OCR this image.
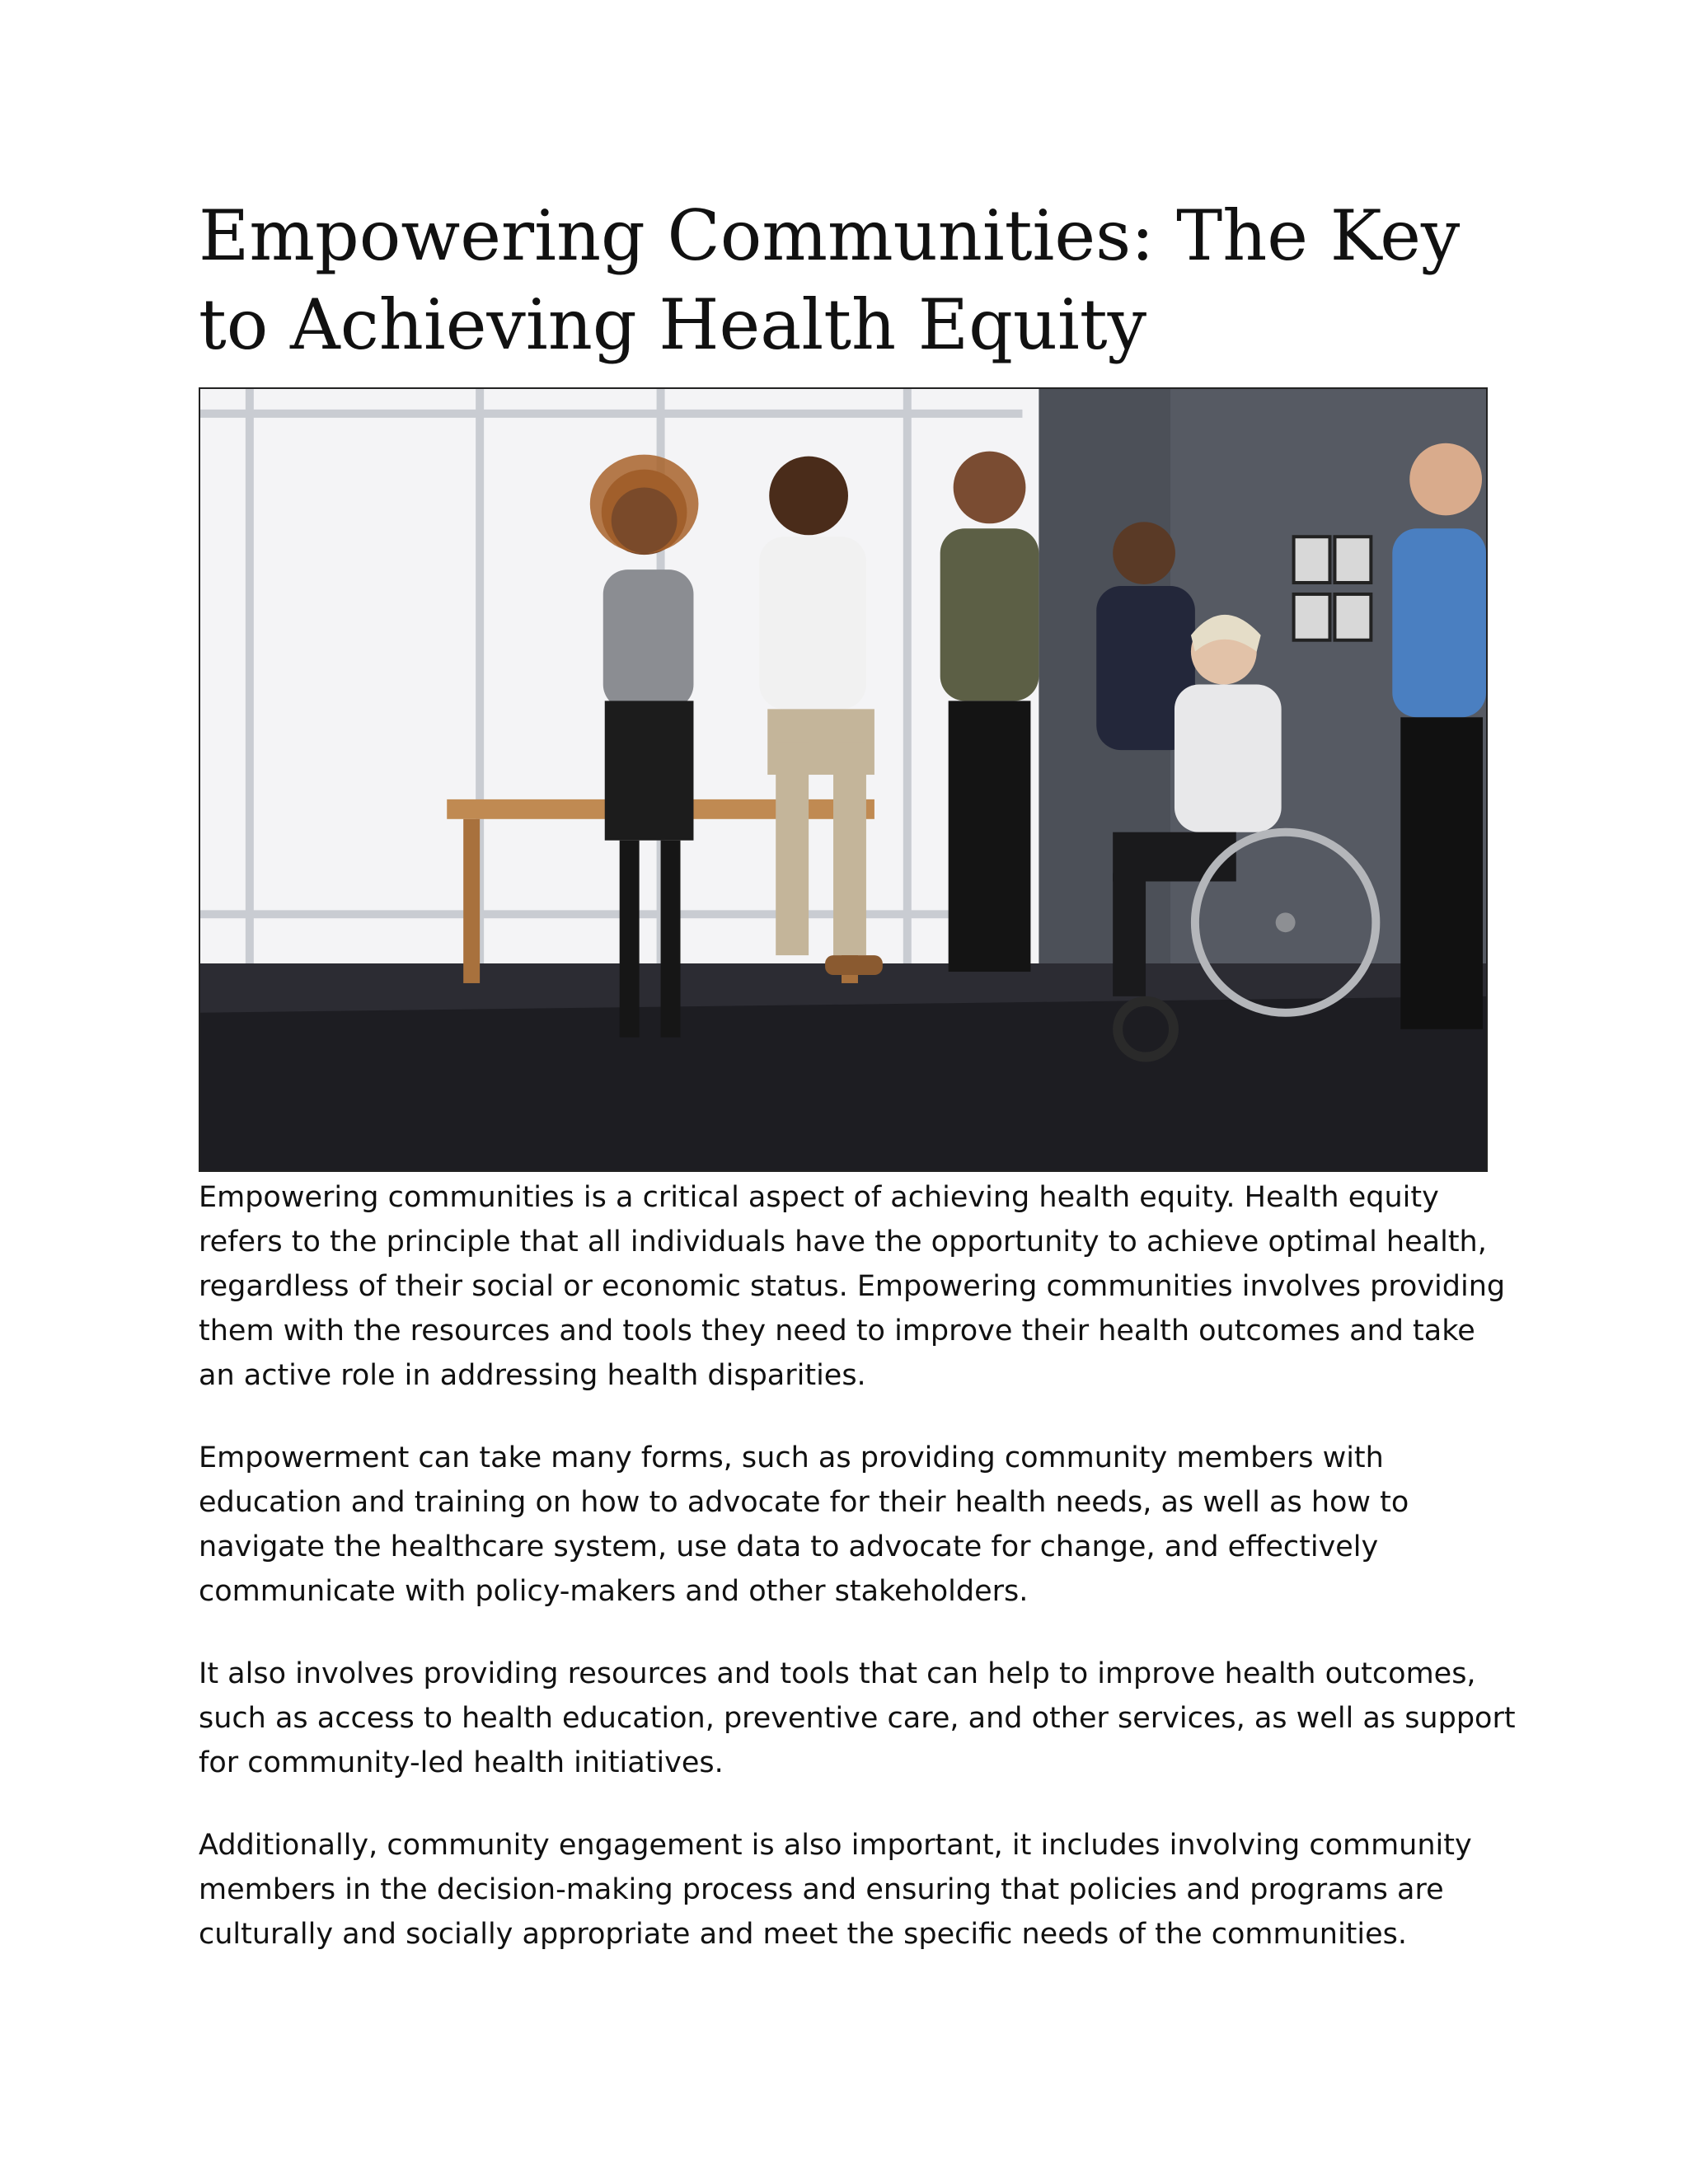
Empowering Communities: The Key to Achieving Health Equity

Empowering communities is a critical aspect of achieving health equity. Health equity refers to the principle that all individuals have the opportunity to achieve optimal health, regardless of their social or economic status. Empowering communities involves providing them with the resources and tools they need to improve their health outcomes and take an active role in addressing health disparities.

Empowerment can take many forms, such as providing community members with education and training on how to advocate for their health needs, as well as how to navigate the healthcare system, use data to advocate for change, and effectively communicate with policy-makers and other stakeholders.

It also involves providing resources and tools that can help to improve health outcomes, such as access to health education, preventive care, and other services, as well as support for community-led health initiatives.

Additionally, community engagement is also important, it includes involving community members in the decision-making process and ensuring that policies and programs are culturally and socially appropriate and meet the specific needs of the communities.
